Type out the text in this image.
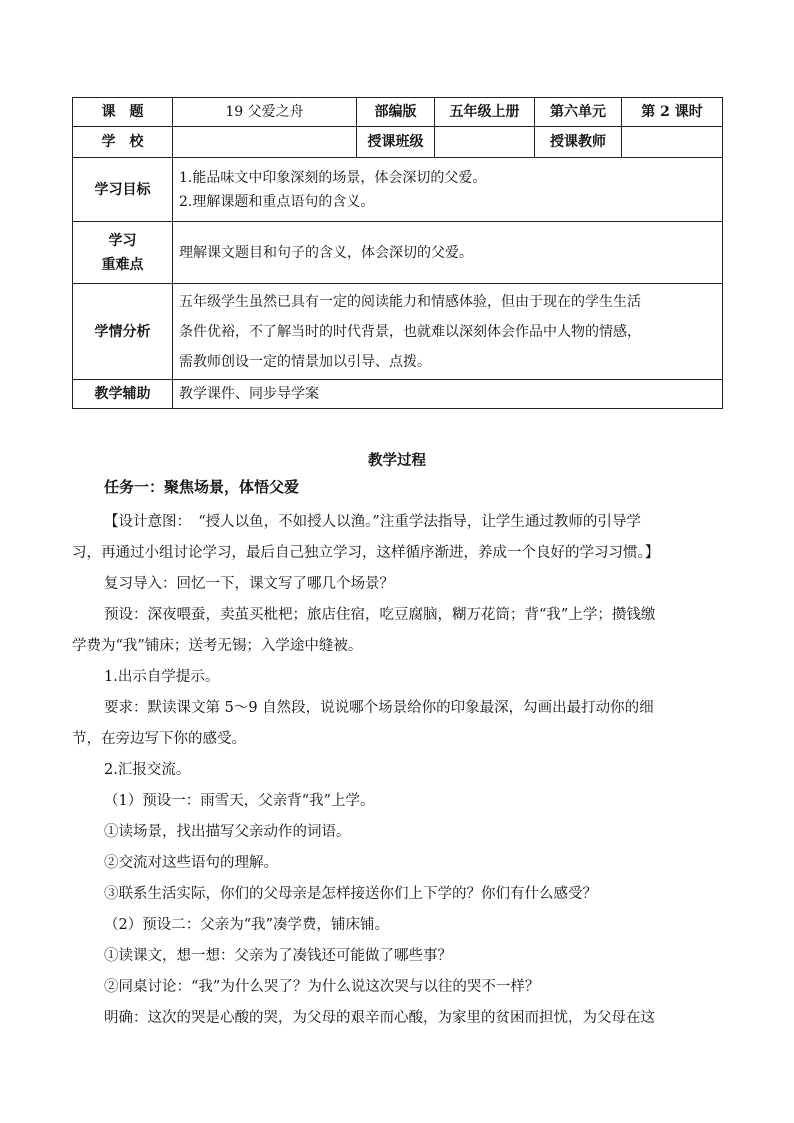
课　题	19 父爱之舟	部编版	五年级上册	第六单元	第 2 课时
学　校		授课班级		授课教师	
学习目标	1.能品味文中印象深刻的场景，体会深切的父爱。
2.理解课题和重点语句的含义。				

学习
重难点	理解课文题目和句子的含义，体会深切的父爱。				
学情分析	五年级学生虽然已具有一定的阅读能力和情感体验，但由于现在的学生生活
条件优裕，不了解当时的时代背景，也就难以深刻体会作品中人物的情感，
需教师创设一定的情景加以引导、点拨。				

教学辅助	教学课件、同步导学案				
教学过程
任务一：聚焦场景，体悟父爱

【设计意图：　“授人以鱼，不如授人以渔。”注重学法指导，让学生通过教师的引导学

习，再通过小组讨论学习，最后自己独立学习，这样循序渐进，养成一个良好的学习习惯。】

复习导入：回忆一下，课文写了哪几个场景？

预设：深夜喂蚕，卖茧买枇杷；旅店住宿，吃豆腐脑，糊万花筒；背“我”上学；攒钱缴

学费为“我”铺床；送考无锡；入学途中缝被。

1.出示自学提示。

要求：默读课文第 5～9 自然段，说说哪个场景给你的印象最深，勾画出最打动你的细

节，在旁边写下你的感受。

2.汇报交流。

（1）预设一：雨雪天，父亲背“我”上学。

①读场景，找出描写父亲动作的词语。

②交流对这些语句的理解。

③联系生活实际，你们的父母亲是怎样接送你们上下学的？你们有什么感受？

（2）预设二：父亲为“我”凑学费，铺床铺。

①读课文，想一想：父亲为了凑钱还可能做了哪些事？

②同桌讨论：“我”为什么哭了？为什么说这次哭与以往的哭不一样？

明确：这次的哭是心酸的哭，为父母的艰辛而心酸，为家里的贫困而担忧，为父母在这
